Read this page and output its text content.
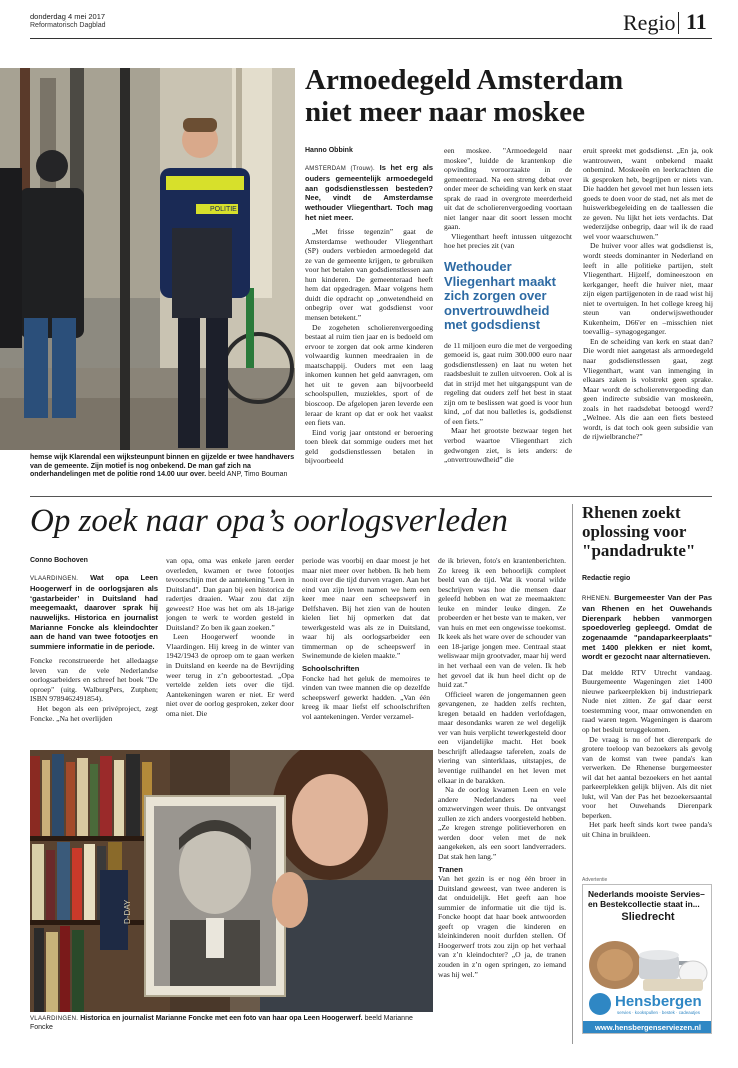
donderdag 4 mei 2017
Reformatorisch Dagblad	Regio 11
POLITIE
hemse wijk Klarendal een wijksteunpunt binnen en gijzelde er twee handhavers van de gemeente. Zijn motief is nog onbekend. De man gaf zich na onderhandelingen met de politie rond 14.00 uur over. beeld ANP, Timo Bouman
Armoedegeld Amsterdam
niet meer naar moskee
Hanno Obbink

AMSTERDAM (Trouw). Is het erg als ouders gemeentelijk armoedegeld aan godsdienstlessen besteden? Nee, vindt de Amsterdamse wethouder Vliegenthart. Toch mag het niet meer.

„Met frisse tegenzin” gaat de Amsterdamse wethouder Vliegenthart (SP) ouders verbieden armoedegeld dat ze van de gemeente krijgen, te gebruiken voor het betalen van godsdienstlessen aan hun kinderen. De gemeenteraad heeft hem dat opgedragen. Maar volgens hem duidt die opdracht op „onwetendheid en onbegrip over wat godsdienst voor mensen betekent.”

De zogeheten scholierenvergoeding bestaat al ruim tien jaar en is bedoeld om ervoor te zorgen dat ook arme kinderen volwaardig kunnen meedraaien in de maatschappij. Ouders met een laag inkomen kunnen het geld aanvragen, om het uit te geven aan bijvoorbeeld schoolspullen, muziekles, sport of de bioscoop. De afgelopen jaren leverde een leraar de krant op dat er ook het vaakst een fiets van.

Eind vorig jaar ontstond er beroering toen bleek dat sommige ouders met het geld godsdienstlessen betalen in bijvoorbeeld

een moskee. "Armoedegeld naar moskee", luidde de krantenkop die opwinding veroorzaakte in de gemeenteraad. Na een streng debat over onder meer de scheiding van kerk en staat sprak de raad in overgrote meerderheid uit dat de scholierenvergoeding voortaan niet langer naar dit soort lessen mocht gaan.

Vliegenthart heeft intussen uitgezocht hoe het precies zit (van

Wethouder Vliegenhart maakt zich zorgen over onvertrouwdheid met godsdienst

de 11 miljoen euro die met de vergoeding gemoeid is, gaat ruim 300.000 euro naar godsdienstlessen) en laat nu weten het raadsbesluit te zullen uitvoeren. Ook al is dat in strijd met het uitgangspunt van de regeling dat ouders zelf het best in staat zijn om te beslissen wat goed is voor hun kind, „of dat nou balletles is, godsdienst of een fiets.”

Maar het grootste bezwaar tegen het verbod waartoe Vliegenthart zich gedwongen ziet, is iets anders: de „onvertrouwdheid” die

eruit spreekt met godsdienst. „En ja, ook wantrouwen, want onbekend maakt onbemind. Moskeeën en leerkrachten die ik gesproken heb, begrijpen er niets van. Die hadden het gevoel met hun lessen iets goeds te doen voor de stad, net als met de huiswerkbegeleiding en de taallessen die ze geven. Nu lijkt het iets verdachts. Dat wederzijdse onbegrip, daar wil ik de raad wel voor waarschuwen.”

De huiver voor alles wat godsdienst is, wordt steeds dominanter in Nederland en leeft in alle politieke partijen, stelt Vliegenthart. Hijzelf, domineeszoon en kerkganger, heeft die huiver niet, maar zijn eigen partijgenoten in de raad wist hij niet te overtuigen. In het college kreeg hij steun van onderwijswethouder Kukenheim, D66'er en –misschien niet toevallig– synagogeganger.

En de scheiding van kerk en staat dan? Die wordt niet aangetast als armoedegeld naar godsdienstlessen gaat, zegt Vliegenthart, want van inmenging in elkaars zaken is volstrekt geen sprake. Maar wordt de scholierenvergoeding dan geen indirecte subsidie van moskeeën, zoals in het raadsdebat betoogd werd? „Welnee. Als die aan een fiets besteed wordt, is dat toch ook geen subsidie van de rijwielbranche?”

Op zoek naar opa’s oorlogsverleden
Conno Bochoven

VLAARDINGEN. Wat opa Leen Hoogerwerf in de oorlogsjaren als ‘gastarbeider’ in Duitsland had meegemaakt, daarover sprak hij nauwelijks. Historica en journalist Marianne Foncke als kleindochter aan de hand van twee fotootjes en summiere informatie in de periode.

Foncke reconstrueerde het alledaagse leven van de vele Nederlandse oorlogsarbeiders en schreef het boek "De oproep" (uitg. WalburgPers, Zutphen; ISBN 9789462491854).

Het begon als een privéproject, zegt Foncke. „Na het overlijden

van opa, oma was enkele jaren eerder overleden, kwamen er twee fotootjes tevoorschijn met de aantekening "Leen in Duitsland". Dan gaan bij een historica de radertjes draaien. Waar zou dat zijn geweest? Hoe was het om als 18-jarige jongen te werk te worden gesteld in Duitsland? Zo ben ik gaan zoeken.”

Leen Hoogerwerf woonde in Vlaardingen. Hij kreeg in de winter van 1942/1943 de oproep om te gaan werken in Duitsland en keerde na de Bevrijding weer terug in z’n geboortestad. „Opa vertelde zelden iets over die tijd. Aantekeningen waren er niet. Er werd niet over de oorlog gesproken, zeker door oma niet. Die

periode was voorbij en daar moest je het maar niet meer over hebben. Ik heb hem nooit over die tijd durven vragen. Aan het eind van zijn leven namen we hem een keer mee naar een scheepswerf in Delfshaven. Bij het zien van de houten kielen liet hij opmerken dat dat tewerkgesteld was als ze in Duitsland, waar hij als oorlogsarbeider een timmerman op de scheepswerf in Swinemunde de kielen maakte.”

Schoolschriften

Foncke had het geluk de memoires te vinden van twee mannen die op dezelfde scheepswerf gewerkt hadden. „Van één kreeg ik maar liefst elf schoolschriften vol aantekeningen. Verder verzamel-

de ik brieven, foto's en krantenberichten. Zo kreeg ik een behoorlijk compleet beeld van de tijd. Wat ik vooral wilde beschrijven was hoe die mensen daar geleefd hebben en wat ze meemaakten: leuke en minder leuke dingen. Ze probeerden er het beste van te maken, ver van huis en met een ongewisse toekomst. Ik keek als het ware over de schouder van een 18-jarige jongen mee. Centraal staat weliswaar mijn grootvader, maar hij werd in het verhaal een van de velen. Ik heb het gevoel dat ik hun heel dicht op de huid zat.”

Officieel waren de jongemannen geen gevangenen, ze hadden zelfs rechten, kregen betaald en hadden verlofdagen, maar desondanks waren ze wel degelijk ver van huis verplicht tewerkgesteld door een vijandelijke macht. Het boek beschrijft alledaagse taferelen, zoals de viering van sinterklaas, uitstapjes, de leventige ruilhandel en het leven met elkaar in de barakken.

Na de oorlog kwamen Leen en vele andere Nederlanders na veel omzwervingen weer thuis. De ontvangst zullen ze zich anders voorgesteld hebben. „Ze kregen strenge politieverhoren en werden door velen met de nek aangekeken, als een soort landverraders. Dat stak hen lang.”

Tranen

Van het gezin is er nog één broer in Duitsland geweest, van twee anderen is dat onduidelijk. Het geeft aan hoe summier de informatie uit die tijd is. Foncke hoopt dat haar boek antwoorden geeft op vragen die kinderen en kleinkinderen nooit durfden stellen. Of Hoogerwerf trots zou zijn op het verhaal van z’n kleindochter? „O ja, de tranen zouden in z’n ogen springen, zo iemand was hij wel.”

D-DAY
VLAARDINGEN. Historica en journalist Marianne Foncke met een foto van haar opa Leen Hoogerwerf. beeld Marianne Foncke
Rhenen zoekt
oplossing voor
"pandadrukte"
Redactie regio

RHENEN. Burgemeester Van der Pas van Rhenen en het Ouwehands Dierenpark hebben vanmorgen spoedoverleg gepleegd. Omdat de zogenaamde "pandaparkeerplaats" met 1400 plekken er niet komt, wordt er gezocht naar alternatieven.

Dat meldde RTV Utrecht vandaag. Buurgemeente Wageningen ziet 1400 nieuwe parkeerplekken bij industriepark Nude niet zitten. Ze gaf daar eerst toestemming voor, maar omwonenden en raad waren tegen. Wageningen is daarom op het besluit teruggekomen.

De vraag is nu of het dierenpark de grotere toeloop van bezoekers als gevolg van de komst van twee panda's kan verwerken. De Rhenense burgemeester wil dat het aantal bezoekers en het aantal parkeerplekken gelijk blijven. Als dit niet lukt, wil Van der Pas het bezoekersaantal voor het Ouwehands Dierenpark beperken.

Het park heeft sinds kort twee panda's uit China in bruikleen.

Advertentie
Nederlands mooiste Servies–
en Bestekcollectie staat in...
Sliedrecht
Hensbergen
servies · kookspullen · bestek · cadeautjes
www.hensbergenserviezen.nl
